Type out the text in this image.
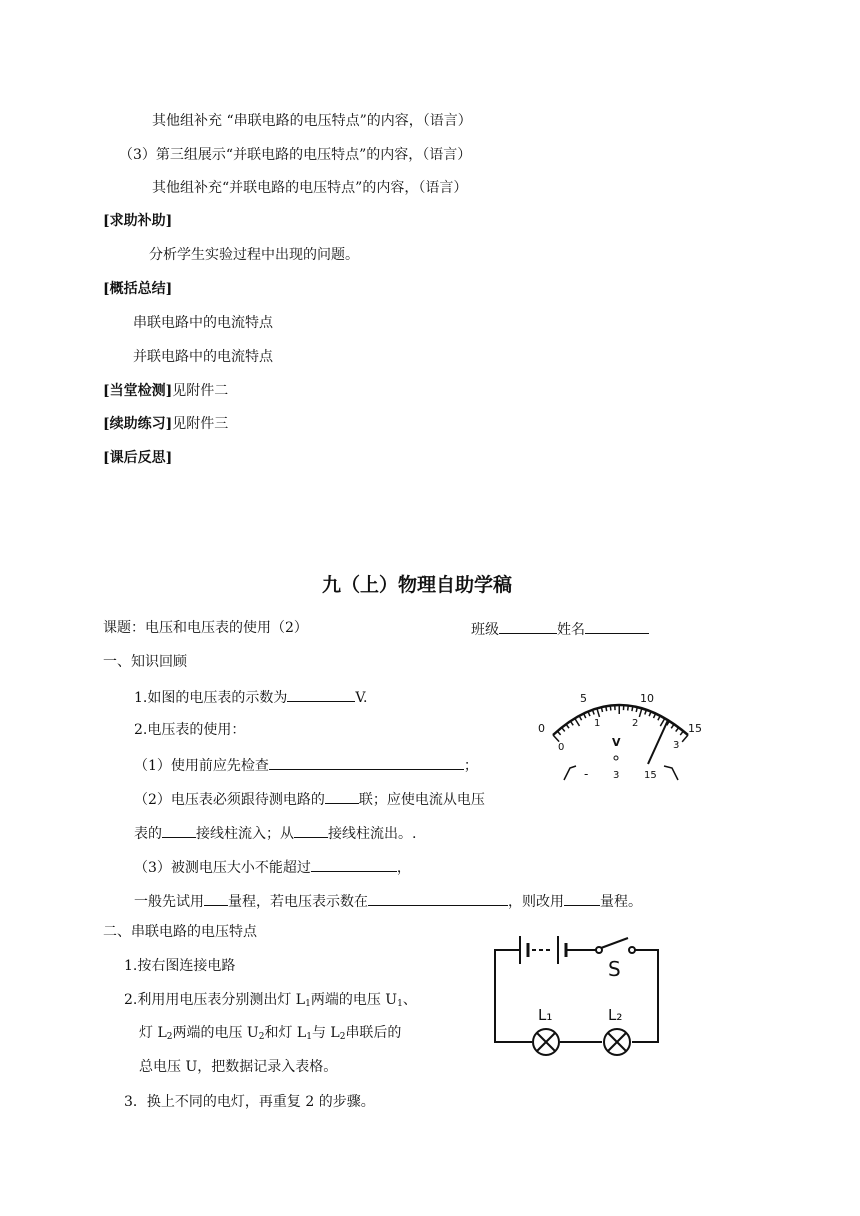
其他组补充 “串联电路的电压特点”的内容，（语言）
（3）第三组展示“并联电路的电压特点”的内容，（语言）
其他组补充“并联电路的电压特点”的内容，（语言）
[求助补助]
分析学生实验过程中出现的问题。
[概括总结]
串联电路中的电流特点
并联电路中的电流特点
[当堂检测]见附件二
[续助练习]见附件三
[课后反思]
九（上）物理自助学稿
课题：电压和电压表的使用（2）	班级	姓名
一、知识回顾
1.如图的电压表的示数为	V.
2.电压表的使用：
（1）使用前应先检查	；
（2）电压表必须跟待测电路的 联；应使电流从电压
表的 接线柱流入；从 接线柱流出。.
（3）被测电压大小不能超过	，
一般先试用 量程，若电压表示数在	，则改用	量程。
0
5	10
15
0
1	2
3
V
- 3 15
二、串联电路的电压特点
1.按右图连接电路
2.利用用电压表分别测出灯 $L_1$两端的电压 $U_1$、
灯 $L_2$两端的电压 $U_2$和灯 $L_1$与 $L_2$串联后的
总电压 U，把数据记录入表格。
3．换上不同的电灯，再重复 2 的步骤。
S
L₁	L₂
